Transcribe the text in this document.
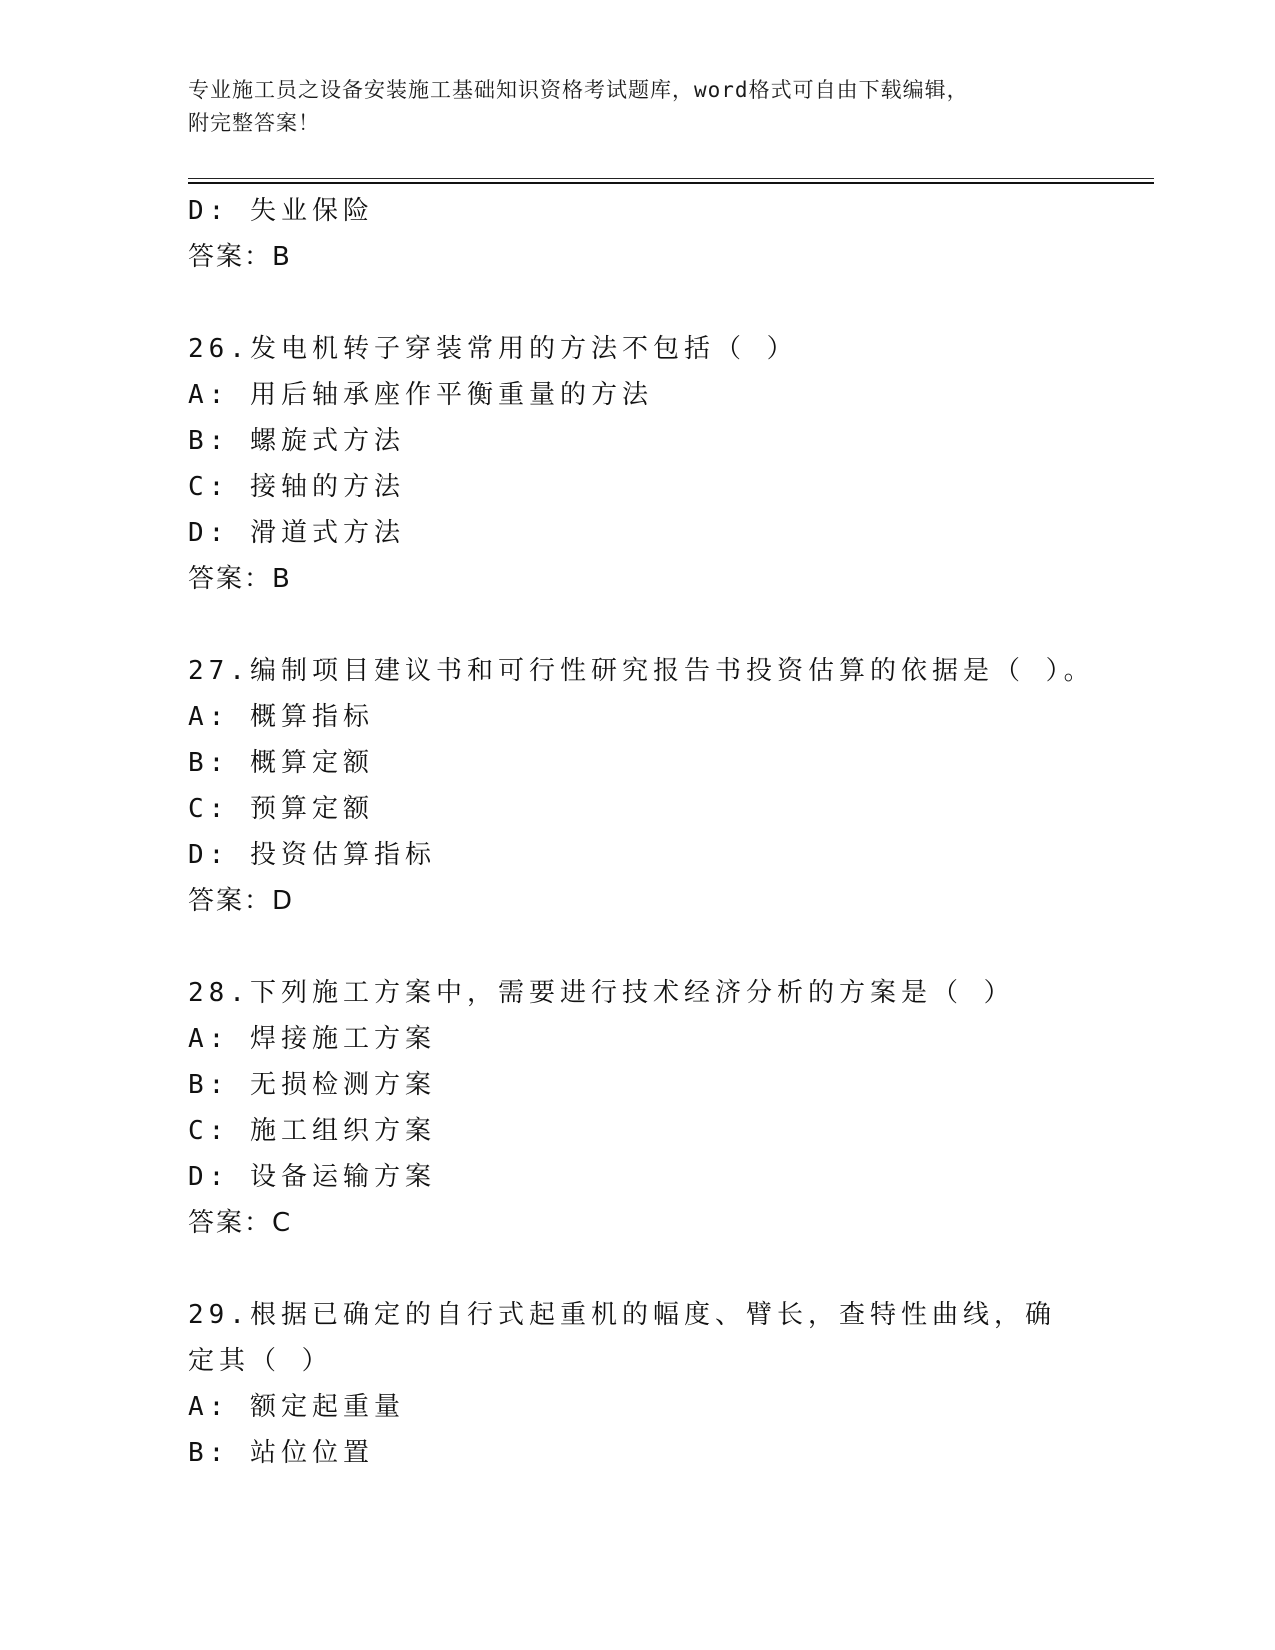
专业施工员之设备安装施工基础知识资格考试题库，word格式可自由下载编辑，
附完整答案！
D: 失业保险
答案：B
26.发电机转子穿装常用的方法不包括（ ）
A: 用后轴承座作平衡重量的方法
B: 螺旋式方法
C: 接轴的方法
D: 滑道式方法
答案：B
27.编制项目建议书和可行性研究报告书投资估算的依据是（ ）。
A: 概算指标
B: 概算定额
C: 预算定额
D: 投资估算指标
答案：D
28.下列施工方案中，需要进行技术经济分析的方案是（ ）
A: 焊接施工方案
B: 无损检测方案
C: 施工组织方案
D: 设备运输方案
答案：C
29.根据已确定的自行式起重机的幅度、臂长，查特性曲线，确定其（ ）
A: 额定起重量
B: 站位位置
